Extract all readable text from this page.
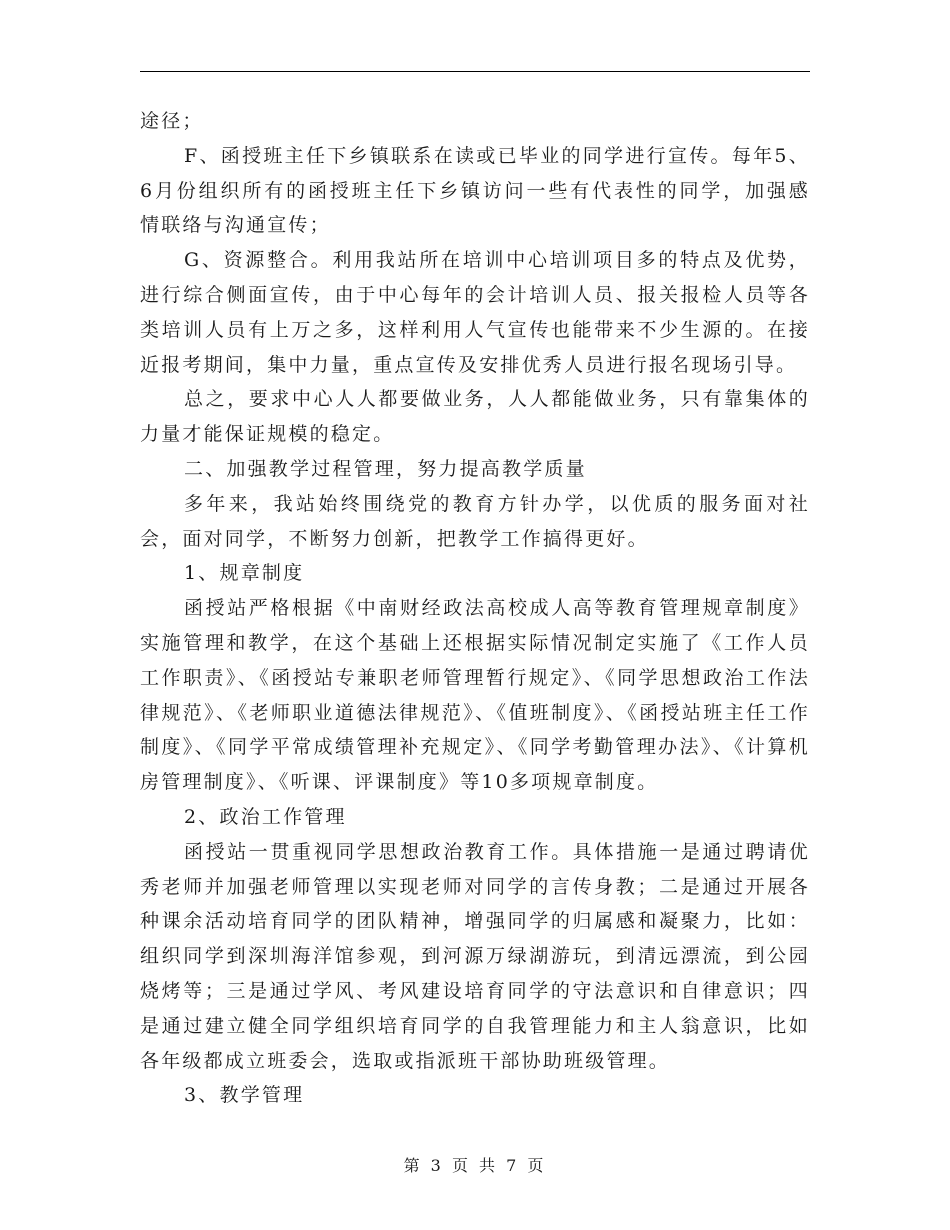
途径；

F、函授班主任下乡镇联系在读或已毕业的同学进行宣传。每年5、6月份组织所有的函授班主任下乡镇访问一些有代表性的同学，加强感情联络与沟通宣传；

G、资源整合。利用我站所在培训中心培训项目多的特点及优势，进行综合侧面宣传，由于中心每年的会计培训人员、报关报检人员等各类培训人员有上万之多，这样利用人气宣传也能带来不少生源的。在接近报考期间，集中力量，重点宣传及安排优秀人员进行报名现场引导。

总之，要求中心人人都要做业务，人人都能做业务，只有靠集体的力量才能保证规模的稳定。

二、加强教学过程管理，努力提高教学质量

多年来，我站始终围绕党的教育方针办学，以优质的服务面对社会，面对同学，不断努力创新，把教学工作搞得更好。

1、规章制度

函授站严格根据《中南财经政法高校成人高等教育管理规章制度》实施管理和教学，在这个基础上还根据实际情况制定实施了《工作人员工作职责》、《函授站专兼职老师管理暂行规定》、《同学思想政治工作法律规范》、《老师职业道德法律规范》、《值班制度》、《函授站班主任工作制度》、《同学平常成绩管理补充规定》、《同学考勤管理办法》、《计算机房管理制度》、《听课、评课制度》等10多项规章制度。

2、政治工作管理

函授站一贯重视同学思想政治教育工作。具体措施一是通过聘请优秀老师并加强老师管理以实现老师对同学的言传身教；二是通过开展各种课余活动培育同学的团队精神，增强同学的归属感和凝聚力，比如：组织同学到深圳海洋馆参观，到河源万绿湖游玩，到清远漂流，到公园烧烤等；三是通过学风、考风建设培育同学的守法意识和自律意识；四是通过建立健全同学组织培育同学的自我管理能力和主人翁意识，比如各年级都成立班委会，选取或指派班干部协助班级管理。

3、教学管理

第 3 页 共 7 页
